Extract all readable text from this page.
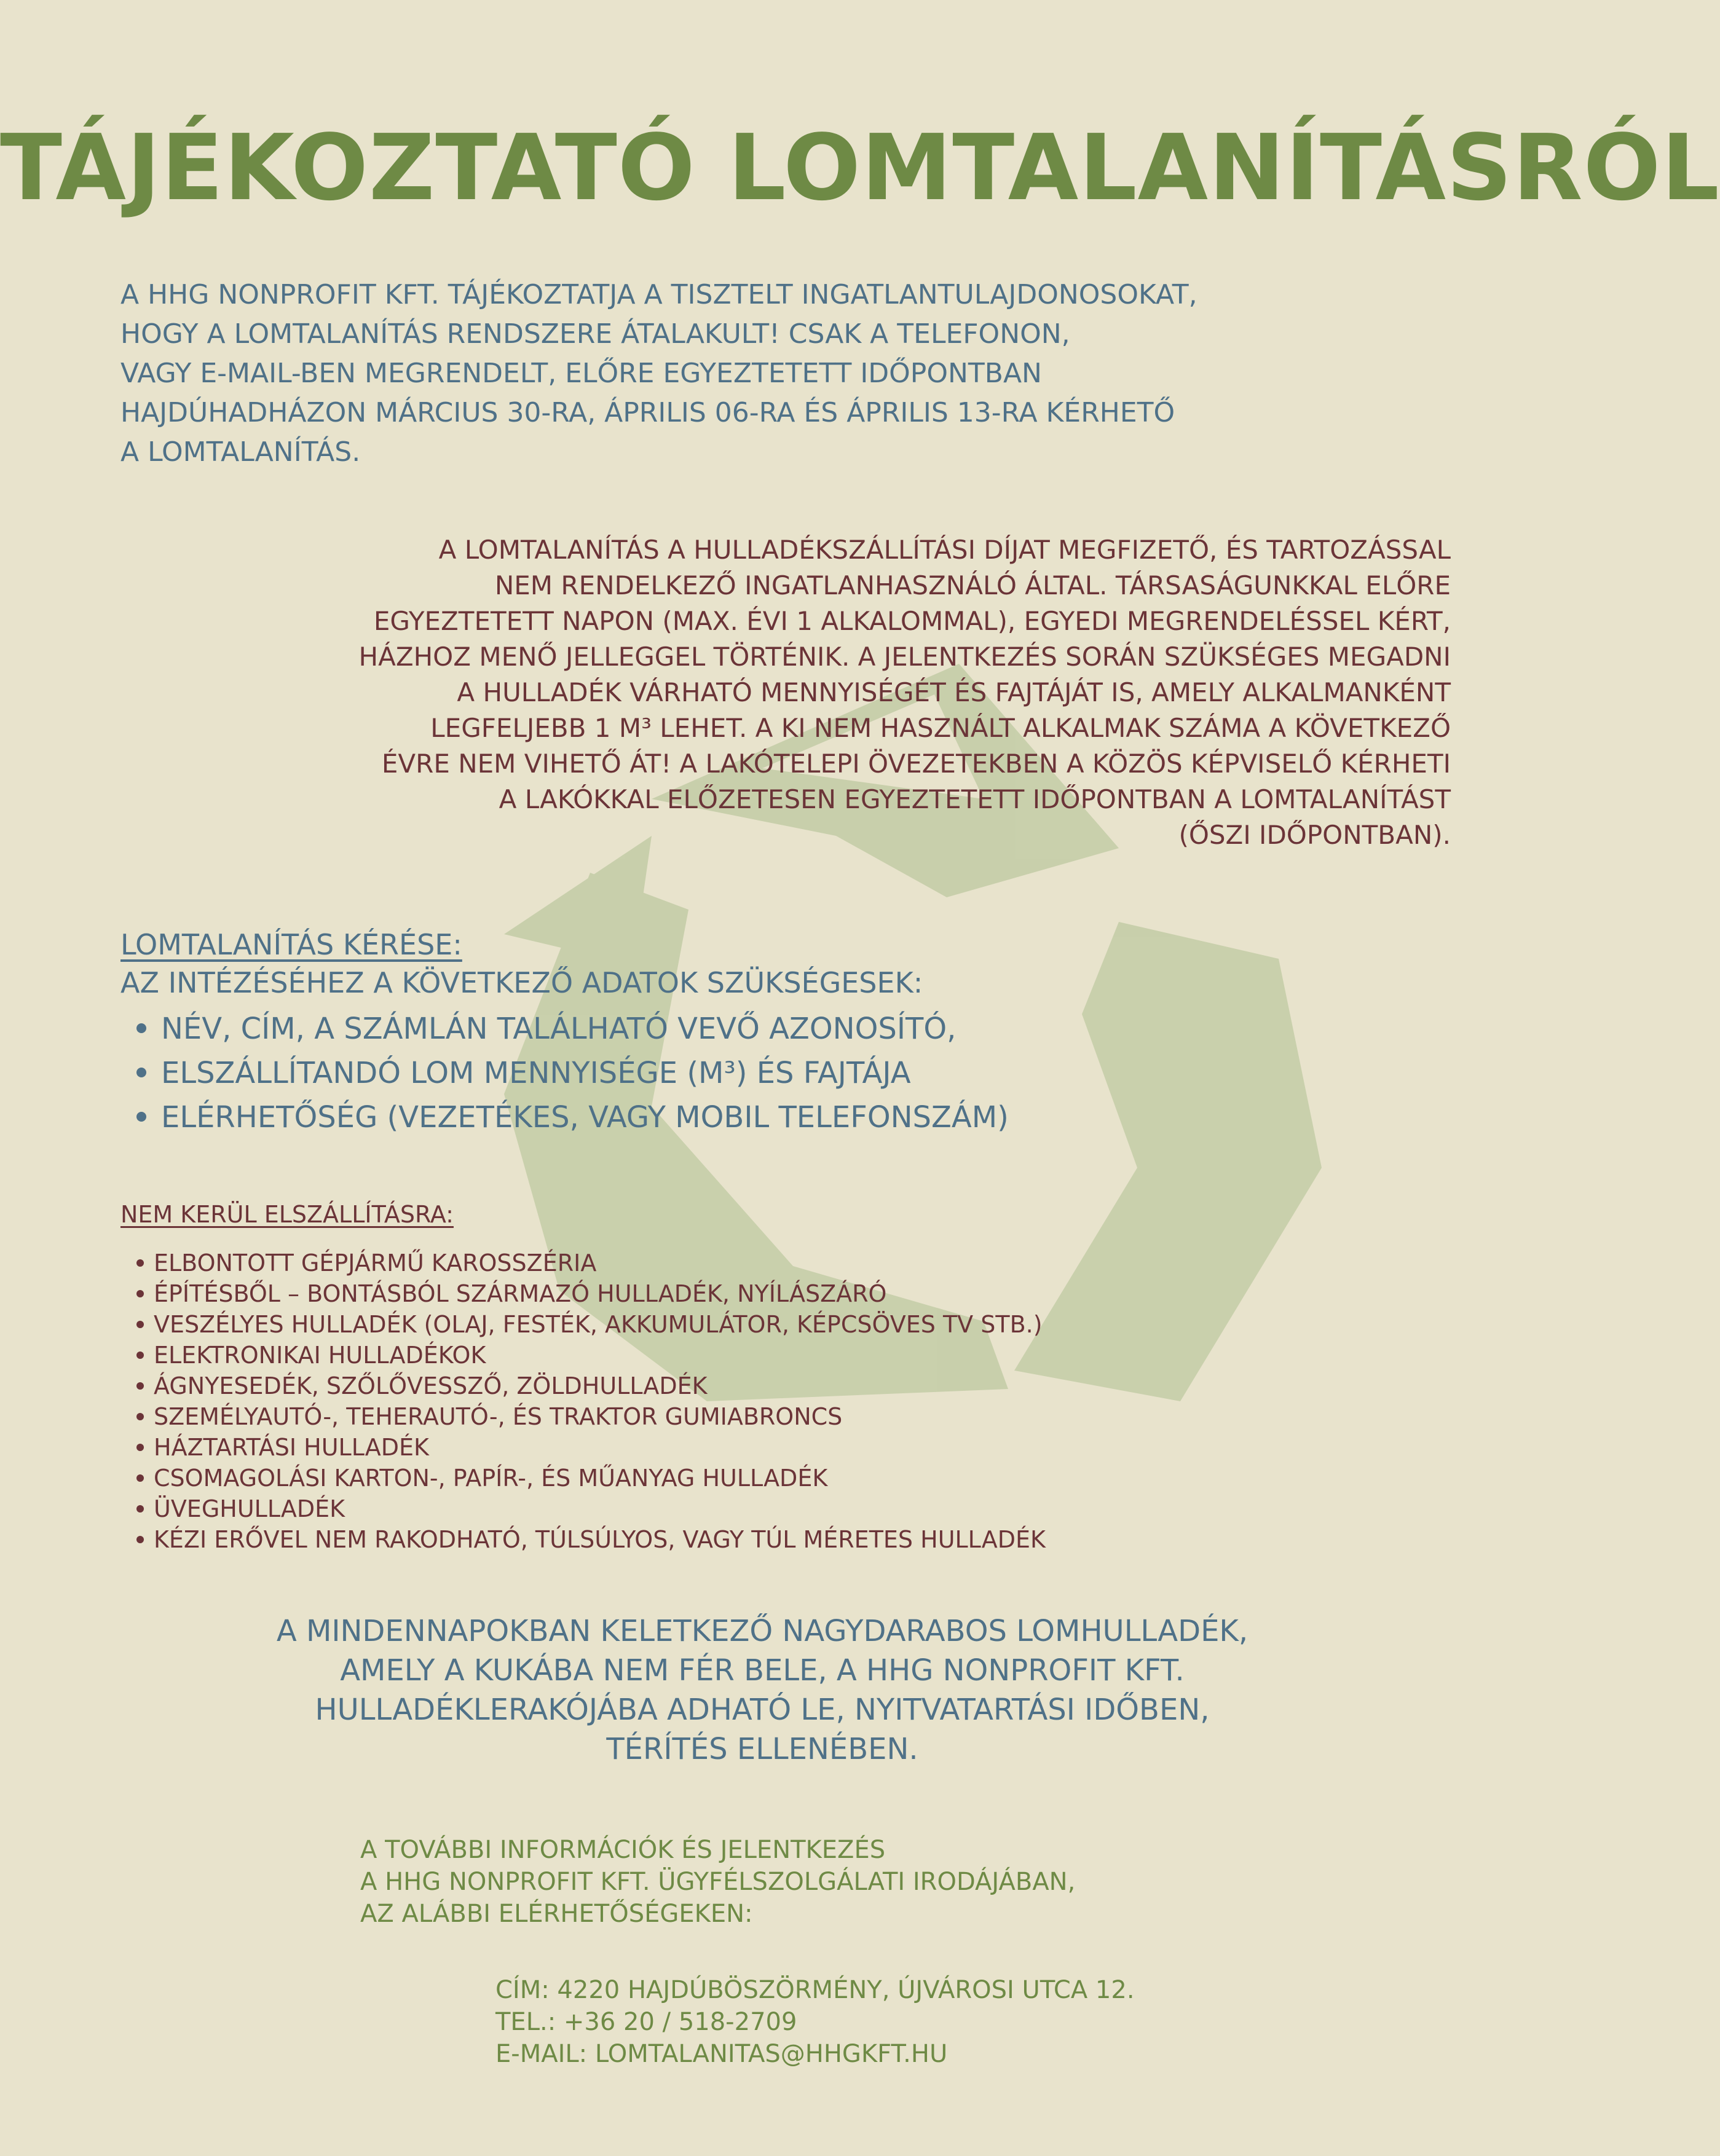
TÁJÉKOZTATÓ LOMTALANÍTÁSRÓL
A HHG NONPROFIT KFT. TÁJÉKOZTATJA A TISZTELT INGATLANTULAJDONOSOKAT,
HOGY A LOMTALANÍTÁS RENDSZERE ÁTALAKULT! CSAK A TELEFONON,
VAGY E-MAIL-BEN MEGRENDELT, ELŐRE EGYEZTETETT IDŐPONTBAN
HAJDÚHADHÁZON MÁRCIUS 30-RA, ÁPRILIS 06-RA ÉS ÁPRILIS 13-RA KÉRHETŐ
A LOMTALANÍTÁS.
A LOMTALANÍTÁS A HULLADÉKSZÁLLÍTÁSI DÍJAT MEGFIZETŐ, ÉS TARTOZÁSSAL
NEM RENDELKEZŐ INGATLANHASZNÁLÓ ÁLTAL. TÁRSASÁGUNKKAL ELŐRE
EGYEZTETETT NAPON (MAX. ÉVI 1 ALKALOMMAL), EGYEDI MEGRENDELÉSSEL KÉRT,
HÁZHOZ MENŐ JELLEGGEL TÖRTÉNIK. A JELENTKEZÉS SORÁN SZÜKSÉGES MEGADNI
A HULLADÉK VÁRHATÓ MENNYISÉGÉT ÉS FAJTÁJÁT IS, AMELY ALKALMANKÉNT
LEGFELJEBB 1 M³ LEHET. A KI NEM HASZNÁLT ALKALMAK SZÁMA A KÖVETKEZŐ
ÉVRE NEM VIHETŐ ÁT! A LAKÓTELEPI ÖVEZETEKBEN A KÖZÖS KÉPVISELŐ KÉRHETI
A LAKÓKKAL ELŐZETESEN EGYEZTETETT IDŐPONTBAN A LOMTALANÍTÁST
(ŐSZI IDŐPONTBAN).
LOMTALANÍTÁS KÉRÉSE:
AZ INTÉZÉSÉHEZ A KÖVETKEZŐ ADATOK SZÜKSÉGESEK:
NÉV, CÍM, A SZÁMLÁN TALÁLHATÓ VEVŐ AZONOSÍTÓ,
ELSZÁLLÍTANDÓ LOM MENNYISÉGE (M³) ÉS FAJTÁJA
ELÉRHETŐSÉG (VEZETÉKES, VAGY MOBIL TELEFONSZÁM)
NEM KERÜL ELSZÁLLÍTÁSRA:
ELBONTOTT GÉPJÁRMŰ KAROSSZÉRIA
ÉPÍTÉSBŐL – BONTÁSBÓL SZÁRMAZÓ HULLADÉK, NYÍLÁSZÁRÓ
VESZÉLYES HULLADÉK (OLAJ, FESTÉK, AKKUMULÁTOR, KÉPCSÖVES TV STB.)
ELEKTRONIKAI HULLADÉKOK
ÁGNYESEDÉK, SZŐLŐVESSZŐ, ZÖLDHULLADÉK
SZEMÉLYAUTÓ-, TEHERAUTÓ-, ÉS TRAKTOR GUMIABRONCS
HÁZTARTÁSI HULLADÉK
CSOMAGOLÁSI KARTON-, PAPÍR-, ÉS MŰANYAG HULLADÉK
ÜVEGHULLADÉK
KÉZI ERŐVEL NEM RAKODHATÓ, TÚLSÚLYOS, VAGY TÚL MÉRETES HULLADÉK
A MINDENNAPOKBAN KELETKEZŐ NAGYDARABOS LOMHULLADÉK,
AMELY A KUKÁBA NEM FÉR BELE, A HHG NONPROFIT KFT.
HULLADÉKLERAKÓJÁBA ADHATÓ LE, NYITVATARTÁSI IDŐBEN,
TÉRÍTÉS ELLENÉBEN.
A TOVÁBBI INFORMÁCIÓK ÉS JELENTKEZÉS
A HHG NONPROFIT KFT. ÜGYFÉLSZOLGÁLATI IRODÁJÁBAN,
AZ ALÁBBI ELÉRHETŐSÉGEKEN:
CÍM: 4220 HAJDÚBÖSZÖRMÉNY, ÚJVÁROSI UTCA 12.
TEL.: +36 20 / 518-2709
E-MAIL: LOMTALANITAS@HHGKFT.HU
